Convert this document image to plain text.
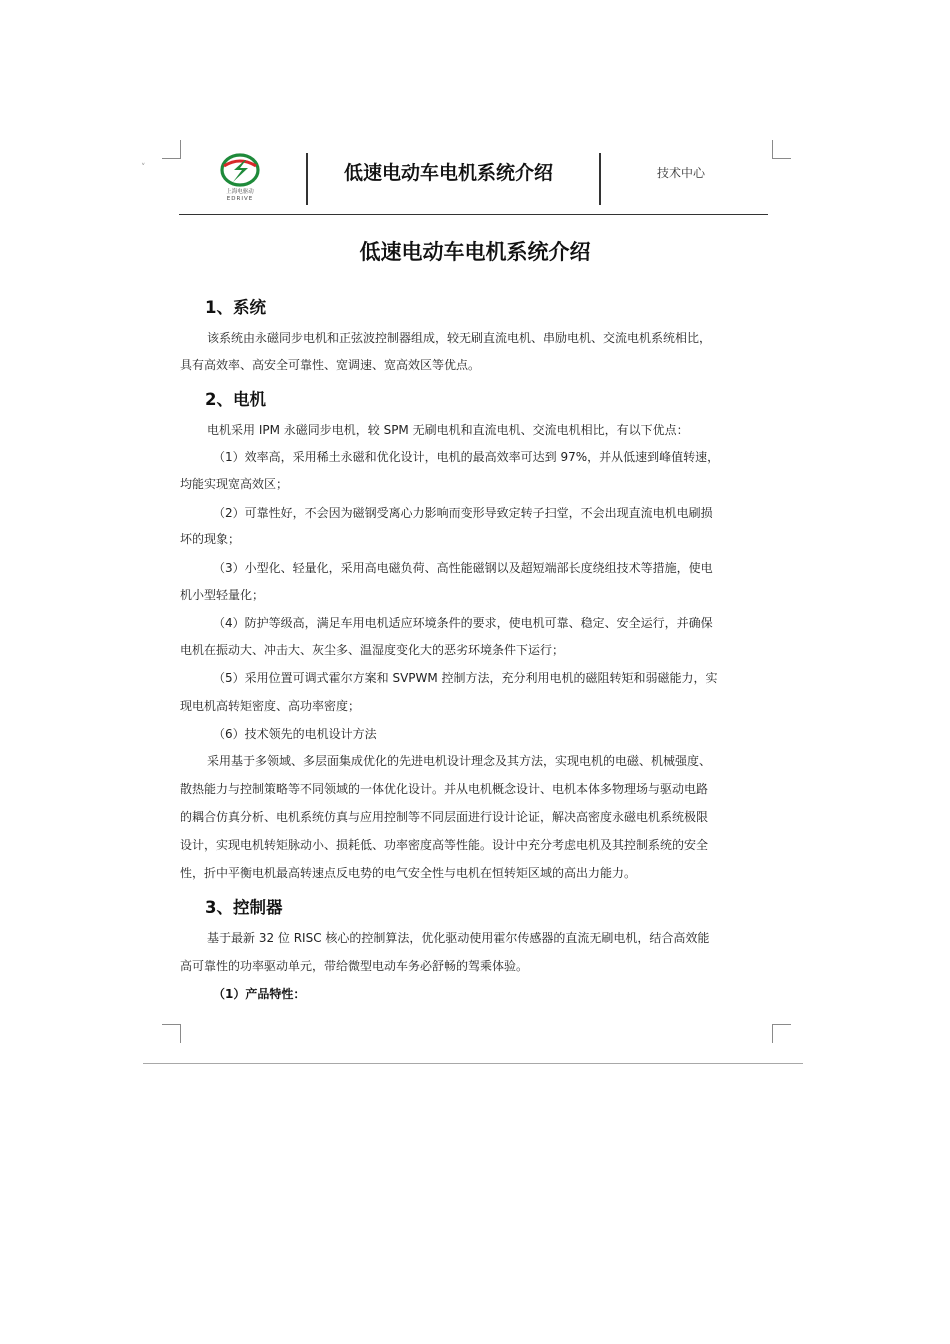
˅
上海电驱动
EDRIVE
低速电动车电机系统介绍	技术中心
低速电动车电机系统介绍
1、系统
该系统由永磁同步电机和正弦波控制器组成，较无刷直流电机、串励电机、交流电机系统相比，
具有高效率、高安全可靠性、宽调速、宽高效区等优点。
2、电机
电机采用 IPM 永磁同步电机，较 SPM 无刷电机和直流电机、交流电机相比，有以下优点：
（1）效率高，采用稀土永磁和优化设计，电机的最高效率可达到 97%，并从低速到峰值转速，
均能实现宽高效区；
（2）可靠性好，不会因为磁钢受离心力影响而变形导致定转子扫堂，不会出现直流电机电刷损
坏的现象；
（3）小型化、轻量化，采用高电磁负荷、高性能磁钢以及超短端部长度绕组技术等措施，使电
机小型轻量化；
（4）防护等级高，满足车用电机适应环境条件的要求，使电机可靠、稳定、安全运行，并确保
电机在振动大、冲击大、灰尘多、温湿度变化大的恶劣环境条件下运行；
（5）采用位置可调式霍尔方案和 SVPWM 控制方法，充分利用电机的磁阻转矩和弱磁能力，实
现电机高转矩密度、高功率密度；
（6）技术领先的电机设计方法
采用基于多领域、多层面集成优化的先进电机设计理念及其方法，实现电机的电磁、机械强度、
散热能力与控制策略等不同领域的一体优化设计。并从电机概念设计、电机本体多物理场与驱动电路
的耦合仿真分析、电机系统仿真与应用控制等不同层面进行设计论证，解决高密度永磁电机系统极限
设计，实现电机转矩脉动小、损耗低、功率密度高等性能。设计中充分考虑电机及其控制系统的安全
性，折中平衡电机最高转速点反电势的电气安全性与电机在恒转矩区域的高出力能力。
3、控制器
基于最新 32 位 RISC 核心的控制算法，优化驱动使用霍尔传感器的直流无刷电机，结合高效能
高可靠性的功率驱动单元，带给微型电动车务必舒畅的驾乘体验。
（1）产品特性：
